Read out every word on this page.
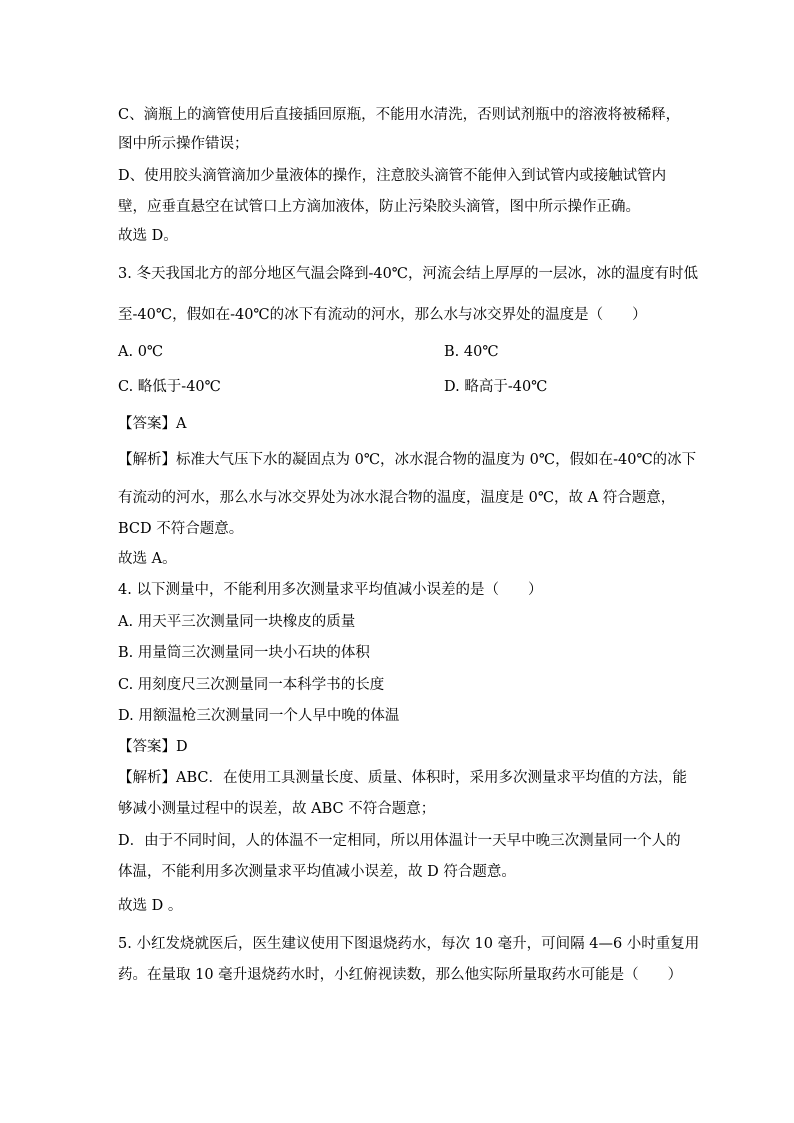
C、滴瓶上的滴管使用后直接插回原瓶，不能用水清洗，否则试剂瓶中的溶液将被稀释，
图中所示操作错误；
D、使用胶头滴管滴加少量液体的操作，注意胶头滴管不能伸入到试管内或接触试管内
壁，应垂直悬空在试管口上方滴加液体，防止污染胶头滴管，图中所示操作正确。
故选 D。
3. 冬天我国北方的部分地区气温会降到-40℃，河流会结上厚厚的一层冰，冰的温度有时低
至-40℃，假如在-40℃的冰下有流动的河水，那么水与冰交界处的温度是（　　）
A. 0℃	B. 40℃
C. 略低于-40℃	D. 略高于-40℃
【答案】A
【解析】标准大气压下水的凝固点为 0℃，冰水混合物的温度为 0℃，假如在-40℃的冰下
有流动的河水，那么水与冰交界处为冰水混合物的温度，温度是 0℃，故 A 符合题意，
BCD 不符合题意。
故选 A。
4. 以下测量中，不能利用多次测量求平均值减小误差的是（　　）
A. 用天平三次测量同一块橡皮的质量
B. 用量筒三次测量同一块小石块的体积
C. 用刻度尺三次测量同一本科学书的长度
D. 用额温枪三次测量同一个人早中晚的体温
【答案】D
【解析】ABC．在使用工具测量长度、质量、体积时，采用多次测量求平均值的方法，能
够减小测量过程中的误差，故 ABC 不符合题意；
D．由于不同时间，人的体温不一定相同，所以用体温计一天早中晚三次测量同一个人的
体温，不能利用多次测量求平均值减小误差，故 D 符合题意。
故选 D 。
5. 小红发烧就医后，医生建议使用下图退烧药水，每次 10 毫升，可间隔 4—6 小时重复用
药。在量取 10 毫升退烧药水时，小红俯视读数，那么他实际所量取药水可能是（　　）
